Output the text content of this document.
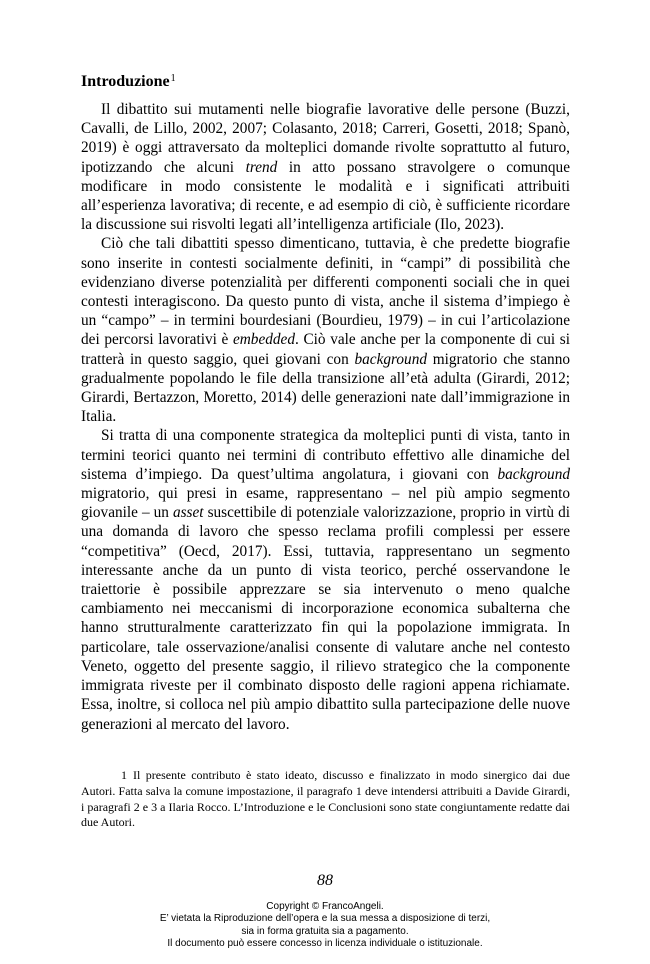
Introduzione$^1$

Il dibattito sui mutamenti nelle biografie lavorative delle persone (Buzzi, Cavalli, de Lillo, 2002, 2007; Colasanto, 2018; Carreri, Gosetti, 2018; Spanò, 2019) è oggi attraversato da molteplici domande rivolte soprattutto al futuro, ipotizzando che alcuni trend in atto possano stravolgere o comunque modificare in modo consistente le modalità e i significati attribuiti all’esperienza lavorativa; di recente, e ad esempio di ciò, è sufficiente ricordare la discussione sui risvolti legati all’intelligenza artificiale (Ilo, 2023).

Ciò che tali dibattiti spesso dimenticano, tuttavia, è che predette biografie sono inserite in contesti socialmente definiti, in “campi” di possibilità che evidenziano diverse potenzialità per differenti componenti sociali che in quei contesti interagiscono. Da questo punto di vista, anche il sistema d’impiego è un “campo” – in termini bourdesiani (Bourdieu, 1979) – in cui l’articolazione dei percorsi lavorativi è embedded. Ciò vale anche per la componente di cui si tratterà in questo saggio, quei giovani con background migratorio che stanno gradualmente popolando le file della transizione all’età adulta (Girardi, 2012; Girardi, Bertazzon, Moretto, 2014) delle generazioni nate dall’immigrazione in Italia.

Si tratta di una componente strategica da molteplici punti di vista, tanto in termini teorici quanto nei termini di contributo effettivo alle dinamiche del sistema d’impiego. Da quest’ultima angolatura, i giovani con background migratorio, qui presi in esame, rappresentano – nel più ampio segmento giovanile – un asset suscettibile di potenziale valorizzazione, proprio in virtù di una domanda di lavoro che spesso reclama profili complessi per essere “competitiva” (Oecd, 2017). Essi, tuttavia, rappresentano un segmento interessante anche da un punto di vista teorico, perché osservandone le traiettorie è possibile apprezzare se sia intervenuto o meno qualche cambiamento nei meccanismi di incorporazione economica subalterna che hanno strutturalmente caratterizzato fin qui la popolazione immigrata. In particolare, tale osservazione/analisi consente di valutare anche nel contesto Veneto, oggetto del presente saggio, il rilievo strategico che la componente immigrata riveste per il combinato disposto delle ragioni appena richiamate. Essa, inoltre, si colloca nel più ampio dibattito sulla partecipazione delle nuove generazioni al mercato del lavoro.

1 Il presente contributo è stato ideato, discusso e finalizzato in modo sinergico dai due Autori. Fatta salva la comune impostazione, il paragrafo 1 deve intendersi attribuiti a Davide Girardi, i paragrafi 2 e 3 a Ilaria Rocco. L’Introduzione e le Conclusioni sono state congiuntamente redatte dai due Autori.
88
Copyright © FrancoAngeli.
E’ vietata la Riproduzione dell’opera e la sua messa a disposizione di terzi,
sia in forma gratuita sia a pagamento.
Il documento può essere concesso in licenza individuale o istituzionale.
